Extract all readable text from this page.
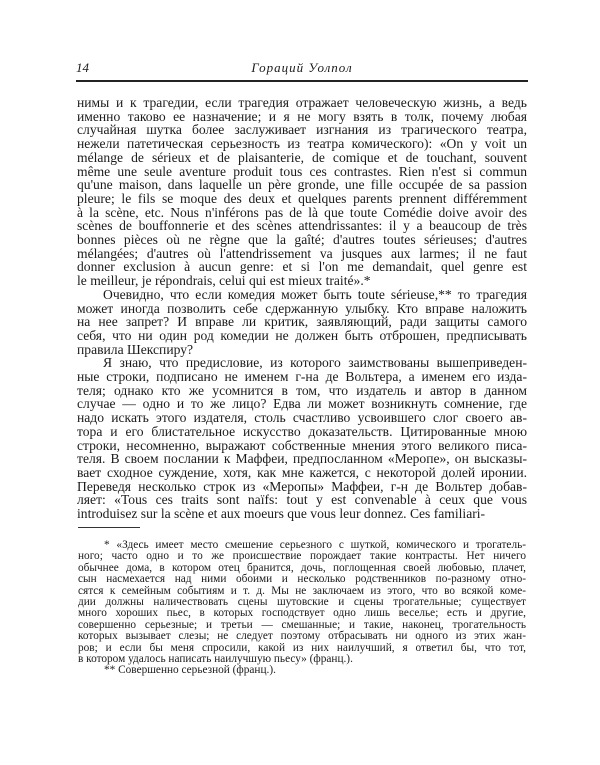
14	Гораций Уолпол
нимы и к трагедии, если трагедия отражает человеческую жизнь, а ведь
именно таково ее назначение; и я не могу взять в толк, почему любая
случайная шутка более заслуживает изгнания из трагического театра,
нежели патетическая серьезность из театра комического): «On y voit un
mélange de sérieux et de plaisanterie, de comique et de touchant, souvent
même une seule aventure produit tous ces contrastes. Rien n'est si commun
qu'une maison, dans laquelle un père gronde, une fille occupée de sa passion
pleure; le fils se moque des deux et quelques parents prennent différemment
à la scène, etc. Nous n'inférons pas de là que toute Comédie doive avoir des
scènes de bouffonnerie et des scènes attendrissantes: il y a beaucoup de très
bonnes pièces où ne règne que la gaîté; d'autres toutes sérieuses; d'autres
mélangées; d'autres où l'attendrissement va jusques aux larmes; il ne faut
donner exclusion à aucun genre: et si l'on me demandait, quel genre est
le meilleur, je répondrais, celui qui est mieux traité».*
Очевидно, что если комедия может быть toute sérieuse,** то трагедия
может иногда позволить себе сдержанную улыбку. Кто вправе наложить
на нее запрет? И вправе ли критик, заявляющий, ради защиты самого
себя, что ни один род комедии не должен быть отброшен, предписывать
правила Шекспиру?
Я знаю, что предисловие, из которого заимствованы вышеприведен-
ные строки, подписано не именем г-на де Вольтера, а именем его изда-
теля; однако кто же усомнится в том, что издатель и автор в данном
случае — одно и то же лицо? Едва ли может возникнуть сомнение, где
надо искать этого издателя, столь счастливо усвоившего слог своего ав-
тора и его блистательное искусство доказательств. Цитированные мною
строки, несомненно, выражают собственные мнения этого великого писа-
теля. В своем послании к Маффеи, предпосланном «Меропе», он высказы-
вает сходное суждение, хотя, как мне кажется, с некоторой долей иронии.
Переведя несколько строк из «Меропы» Маффеи, г-н де Вольтер добав-
ляет: «Tous ces traits sont naïfs: tout y est convenable à ceux que vous
introduisez sur la scène et aux moeurs que vous leur donnez. Ces familiari-
* «Здесь имеет место смешение серьезного с шуткой, комического и трогатель-
ного; часто одно и то же происшествие порождает такие контрасты. Нет ничего
обычнее дома, в котором отец бранится, дочь, поглощенная своей любовью, плачет,
сын насмехается над ними обоими и несколько родственников по-разному отно-
сятся к семейным событиям и т. д. Мы не заключаем из этого, что во всякой коме-
дии должны наличествовать сцены шутовские и сцены трогательные; существует
много хороших пьес, в которых господствует одно лишь веселье; есть и другие,
совершенно серьезные; и третьи — смешанные; и такие, наконец, трогательность
которых вызывает слезы; не следует поэтому отбрасывать ни одного из этих жан-
ров; и если бы меня спросили, какой из них наилучший, я ответил бы, что тот,
в котором удалось написать наилучшую пьесу» (франц.).
** Совершенно серьезной (франц.).
